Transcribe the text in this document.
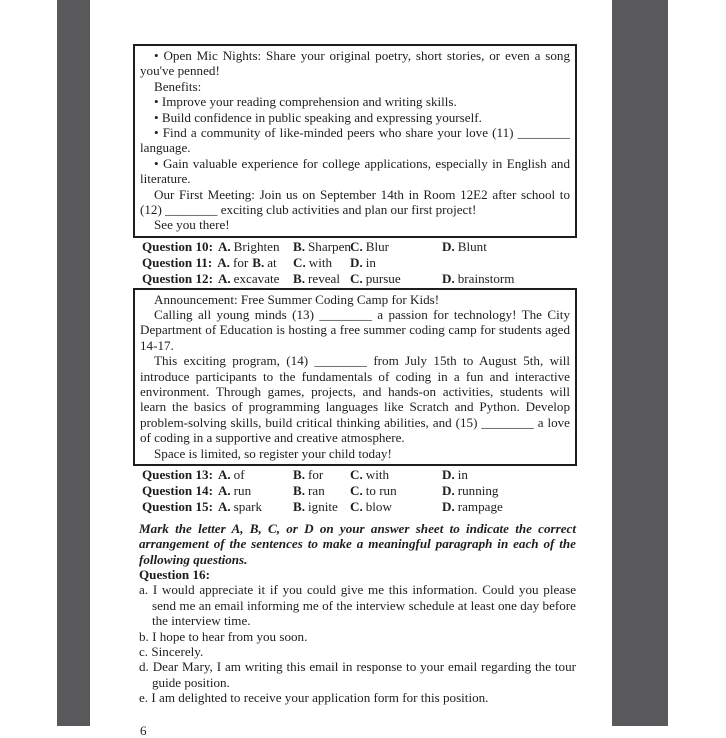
• Open Mic Nights: Share your original poetry, short stories, or even a song you've penned!

Benefits:

• Improve your reading comprehension and writing skills.

• Build confidence in public speaking and expressing yourself.

• Find a community of like-minded peers who share your love (11) ________ language.

• Gain valuable experience for college applications, especially in English and literature.

Our First Meeting: Join us on September 14th in Room 12E2 after school to (12) ________ exciting club activities and plan our first project!

See you there!

Question 10: A. Brighten B. Sharpen C. Blur	D. Blunt
Question 11: A. for B. at C. with D. in
Question 12: A. excavate B. reveal C. pursue	D. brainstorm

Announcement: Free Summer Coding Camp for Kids!

Calling all young minds (13) ________ a passion for technology! The City Department of Education is hosting a free summer coding camp for students aged 14-17.

This exciting program, (14) ________ from July 15th to August 5th, will introduce participants to the fundamentals of coding in a fun and interactive environment. Through games, projects, and hands-on activities, students will learn the basics of programming languages like Scratch and Python. Develop problem-solving skills, build critical thinking abilities, and (15) ________ a love of coding in a supportive and creative atmosphere.

Space is limited, so register your child today!

Question 13: A. of	B. for C. with	D. in
Question 14: A. run	B. ran C. to run	D. running
Question 15: A. spark B. ignite C. blow	D. rampage
Mark the letter A, B, C, or D on your answer sheet to indicate the correct arrangement of the sentences to make a meaningful paragraph in each of the following questions.
Question 16:
a. I would appreciate it if you could give me this information. Could you please send me an email informing me of the interview schedule at least one day before the interview time.
b. I hope to hear from you soon.
c. Sincerely.
d. Dear Mary, I am writing this email in response to your email regarding the tour guide position.
e. I am delighted to receive your application form for this position.
6
